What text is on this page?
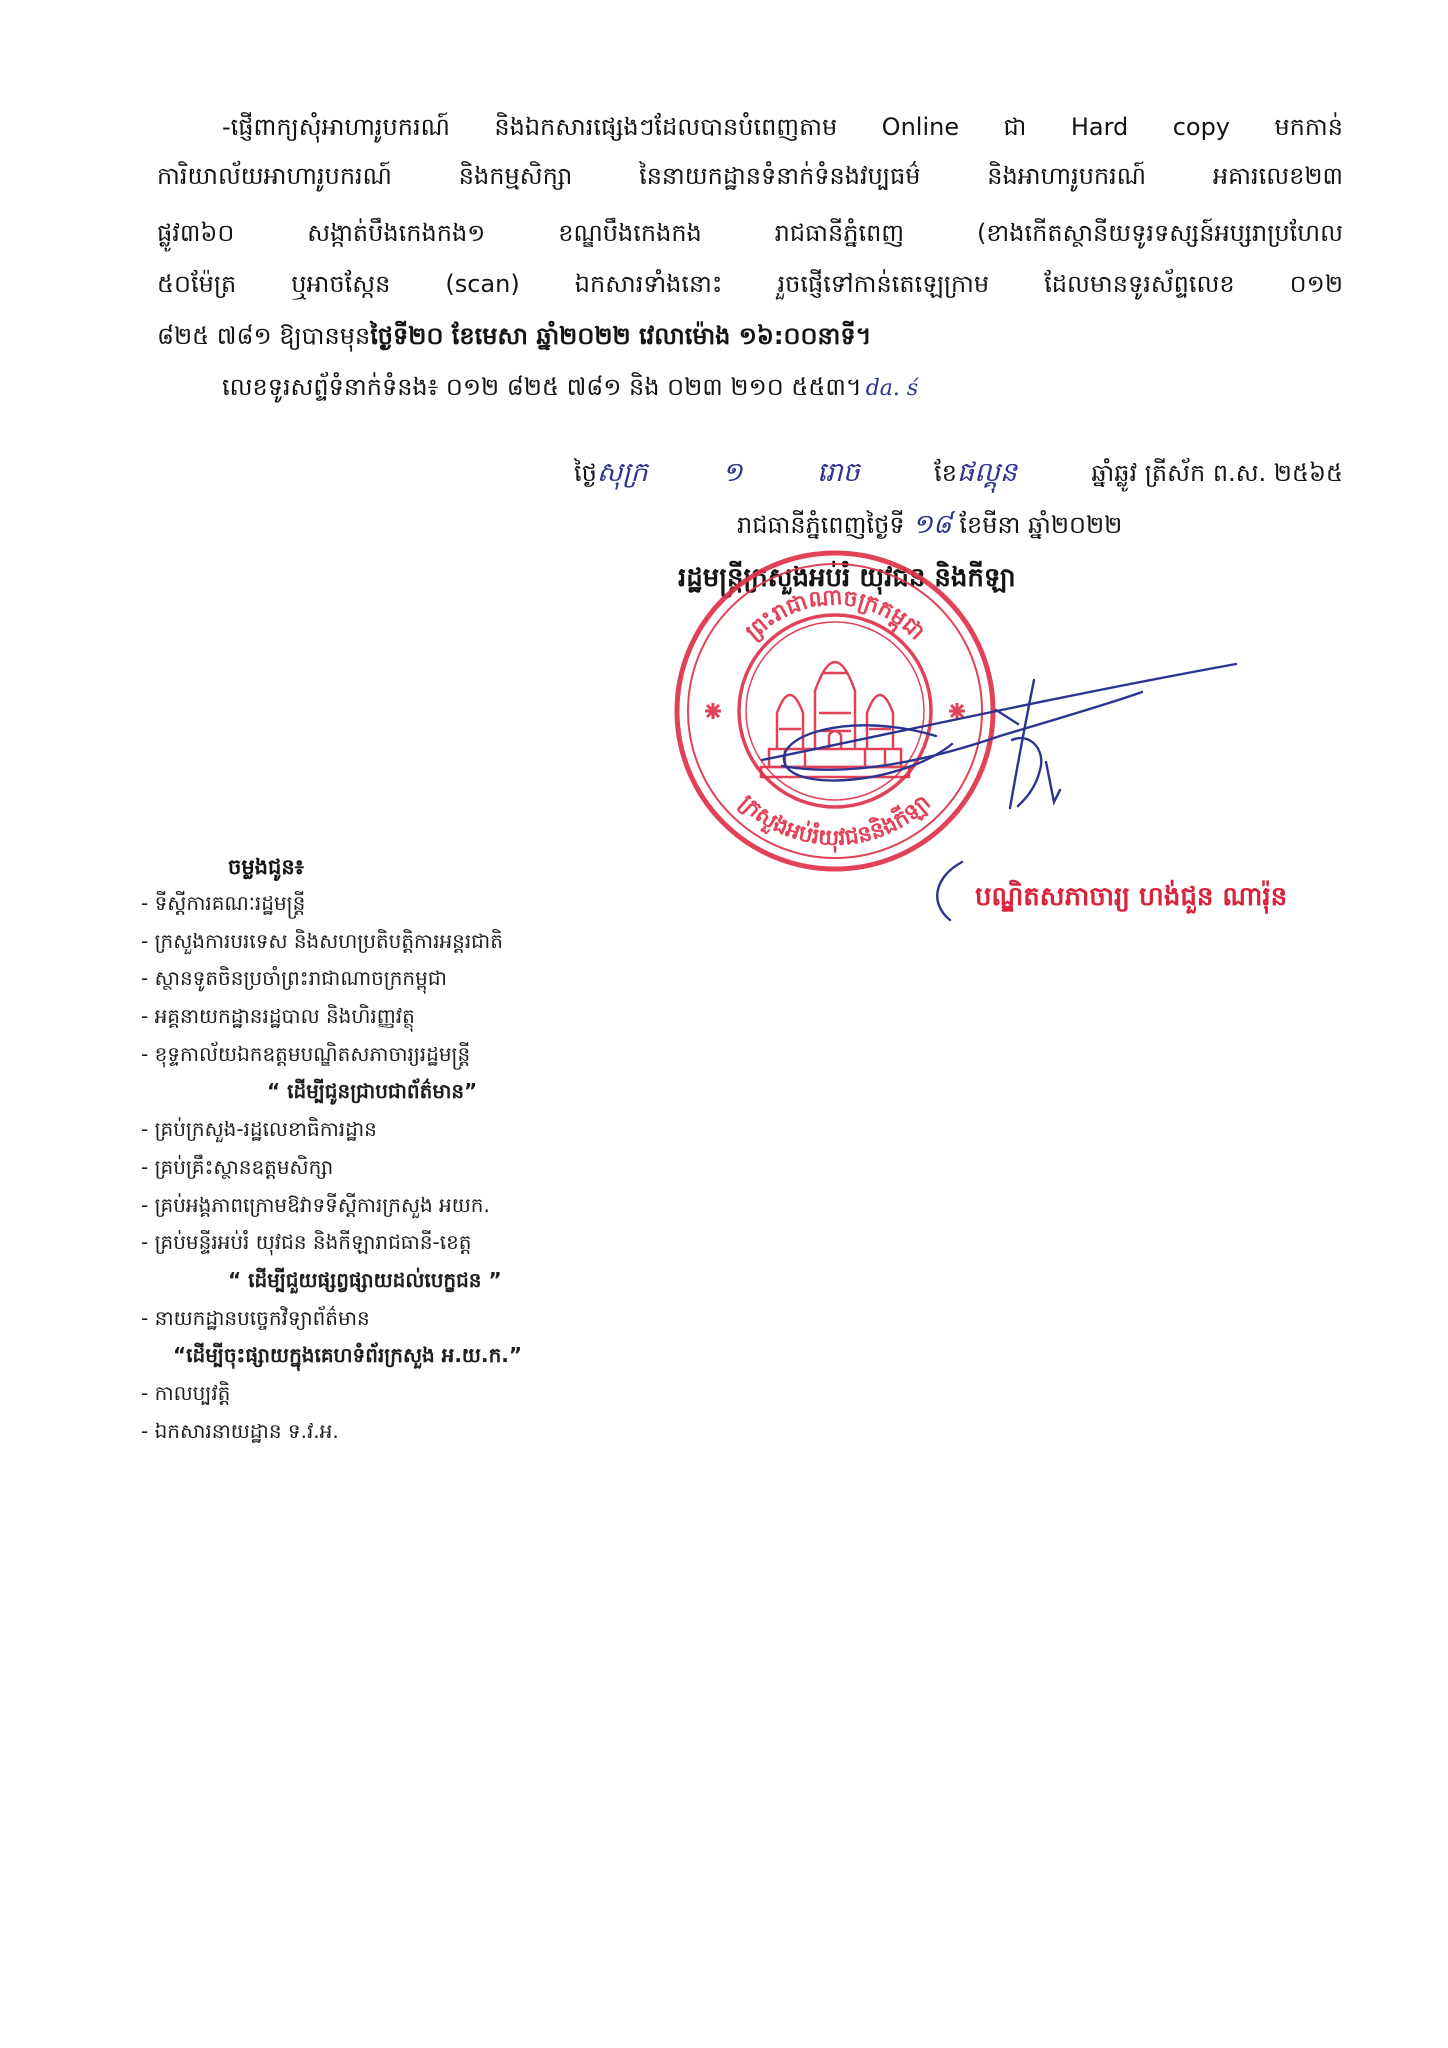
-ផ្ញើពាក្យសុំអាហារូបករណ៍ និងឯកសារផ្សេងៗដែលបានបំពេញតាម Online ជា Hard copy មកកាន់
ការិយាល័យអាហារូបករណ៍ និងកម្មសិក្សា នៃនាយកដ្ឋានទំនាក់ទំនងវប្បធម៌ និងអាហារូបករណ៍ អគារលេខ២៣
ផ្លូវ៣៦០ សង្កាត់បឹងកេងកង១ ខណ្ឌបឹងកេងកង រាជធានីភ្នំពេញ (ខាងកើតស្ថានីយទូរទស្សន៍អប្សរាប្រហែល
៥០ម៉ែត្រ ឬអាចស្កែន (scan) ឯកសារទាំងនោះ រួចផ្ញើទៅកាន់តេឡេក្រាម ដែលមានទូរស័ព្ទលេខ ០១២
៨២៥ ៧៨១ ឱ្យបានមុនថ្ងៃទី២០ ខែមេសា ឆ្នាំ២០២២ វេលាម៉ោង ១៦:០០នាទី។
លេខទូរសព្ទ័ទំនាក់ទំនង៖ ០១២ ៨២៥ ៧៨១ និង ០២៣ ២១០ ៥៥៣។ da. ś
ថ្ងៃសុក្រ	១	រោច	ខែផល្គុន	ឆ្នាំឆ្លូវ ត្រីស័ក ព.ស. ២៥៦៥
រាជធានីភ្នំពេញថ្ងៃទី ១៨ ខែមីនា ឆ្នាំ២០២២
រដ្ឋមន្ត្រីក្រសួងអប់រំ យុវជន និងកីឡា
ព្រះរាជាណាចក្រកម្ពុជា
ក្រសួងអប់រំយុវជននិងកីឡា
បណ្ឌិតសភាចារ្យ ហង់ជួន ណារ៉ុន
ចម្លងជូន៖
- ទីស្តីការគណៈរដ្ឋមន្ត្រី
- ក្រសួងការបរទេស និងសហប្រតិបត្តិការអន្តរជាតិ
- ស្ថានទូតចិនប្រចាំព្រះរាជាណាចក្រកម្ពុជា
- អគ្គនាយកដ្ឋានរដ្ឋបាល និងហិរញ្ញវត្ថុ
- ខុទ្ទកាល័យឯកឧត្តមបណ្ឌិតសភាចារ្យរដ្ឋមន្ត្រី
“ ដើម្បីជូនជ្រាបជាព័ត៌មាន”
- គ្រប់ក្រសួង-រដ្ឋលេខាធិការដ្ឋាន
- គ្រប់គ្រឹះស្ថានឧត្តមសិក្សា
- គ្រប់អង្គភាពក្រោមឱវាទទីស្តីការក្រសួង អយក.
- គ្រប់មន្ទីរអប់រំ យុវជន និងកីឡារាជធានី-ខេត្ត
“ ដើម្បីជួយផ្សព្វផ្សាយដល់បេក្ខជន ”
- នាយកដ្ឋានបច្ចេកវិទ្យាព័ត៌មាន
“ដើម្បីចុះផ្សាយក្នុងគេហទំព័រក្រសួង អ.យ.ក.”
- កាលប្បវត្តិ
- ឯកសារនាយដ្ឋាន ទ.វ.អ.
